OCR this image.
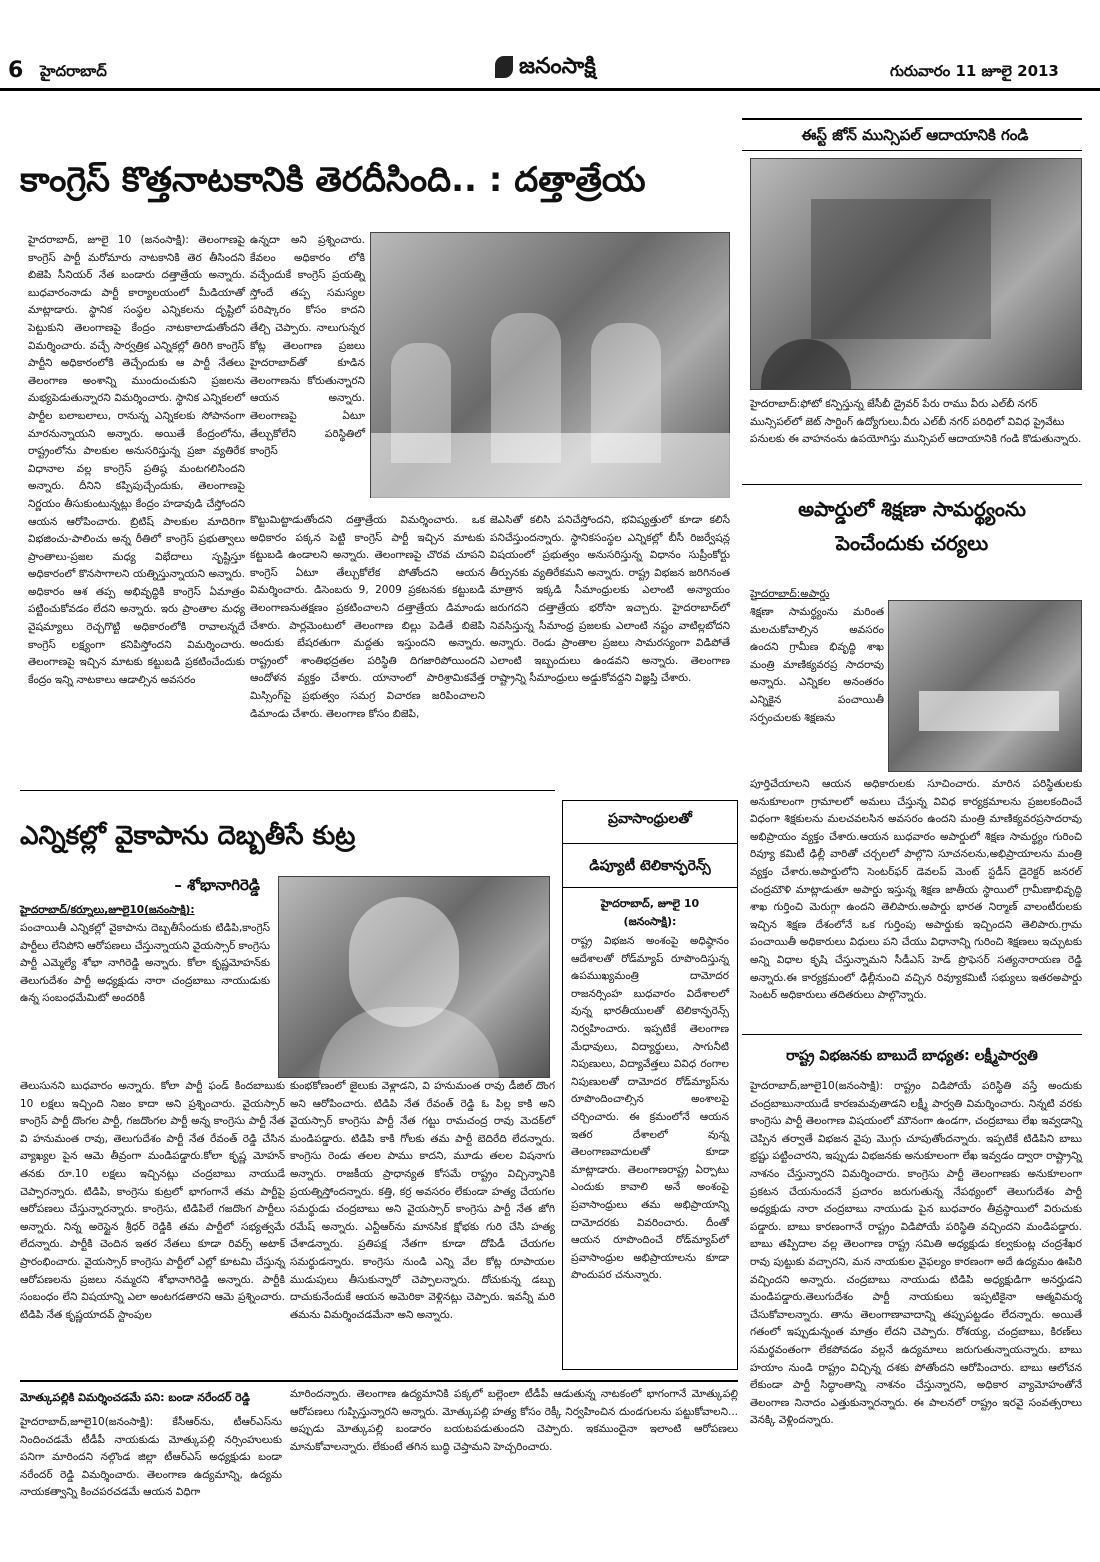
6 హైదరాబాద్	జనంసాక్షి	గురువారం 11 జూలై 2013
కాంగ్రెస్ కొత్తనాటకానికి తెరదీసింది.. : దత్తాత్రేయ
హైదరాబాద్, జూలై 10 (జనంసాక్షి): తెలంగాణపై కాంగ్రెస్ పార్టీ మరోమారు నాటకానికి తెర తీసిందని బిజెపి సీనియర్ నేత బండారు దత్తాత్రేయ అన్నారు. బుధవారంనాడు పార్టీ కార్యాలయంలో మీడియాతో మాట్లాడారు. స్థానిక సంస్థల ఎన్నికలను దృష్టిలో పెట్టుకుని తెలంగాణపై కేంద్రం నాటకాలాడుతోందని విమర్శించారు. వచ్చే సార్వత్రిక ఎన్నికల్లో తిరిగి కాంగ్రెస్ పార్టీని అధికారంలోకి తెచ్చేందుకు ఆ పార్టీ నేతలు తెలంగాణ అంశాన్ని ముందుంచుకుని ప్రజలను మభ్యపెడుతున్నారని విమర్శించారు. స్థానిక ఎన్నికలలో పార్టీల బలాబలాలు, రానున్న ఎన్నికలకు సోపానంగా మారనున్నాయని అన్నారు. అయితే కేంద్రంలోను, రాష్ట్రంలోను పాలకుల అనుసరిస్తున్న ప్రజా వ్యతిరేక విధానాల వల్ల కాంగ్రెస్ ప్రతిష్ఠ మంటగలిసిందని అన్నారు. దీనిని కప్పిపుచ్చేందుకు, తెలంగాణపై నిర్ణయం తీసుకుంటున్నట్లు కేంద్రం హడావుడి చేస్తోందని ఆయన ఆరోపించారు. బ్రిటిష్ పాలకుల మాదిరిగా విభజించు-పాలించు అన్న రీతిలో కాంగ్రెస్ ప్రభుత్వాలు ప్రాంతాలు-ప్రజల మధ్య విభేదాలు సృష్టిస్తూ అధికారంలో కొనసాగాలని యత్నిస్తున్నాయని అన్నారు. అధికారం ఆశ తప్ప అభివృద్ధికి కాంగ్రెస్ ఏమాత్రం పట్టించుకోవడం లేదని అన్నారు. ఇరు ప్రాంతాల మధ్య వైషమ్యాలు రెచ్చగొట్టి అధికారంలోకి రావాలన్నదే కాంగ్రెస్ లక్ష్యంగా కనిపిస్తోందని విమర్శించారు. తెలంగాణపై ఇచ్చిన మాటకు కట్టుబడి ప్రకటించేందుకు కేంద్రం ఇన్ని నాటకాలు ఆడాల్సిన అవసరం
ఉన్నదా అని ప్రశ్నించారు. కేవలం అధికారం లోకి వచ్చేందుకే కాంగ్రెస్ ప్రయత్ని స్తోందే తప్ప సమస్యల పరిష్కారం కోసం కాదని తేల్చి చెప్పారు. నాలుగున్నర కోట్ల తెలంగాణ ప్రజలు హైదరాబాద్‌తో కూడిన తెలంగాణను కోరుతున్నారని ఆయన అన్నారు. తెలంగాణపై ఏటూ తేల్చుకోలేని పరిస్థితిలో కాంగ్రెస్
కొట్టుమిట్టాడుతోందని దత్తాత్రేయ విమర్శించారు. ఒక అధికారం పక్కన పెట్టి కాంగ్రెస్ పార్టీ ఇచ్చిన మాటకు కట్టుబడి ఉండాలని అన్నారు. తెలంగాణపై చొరవ చూపని కాంగ్రెస్ ఏటూ తేల్చుకోలేక పోతోందని ఆయన విమర్శించారు. డిసెంబరు 9, 2009 ప్రకటనకు కట్టుబడి తెలంగాణనుతక్షణం ప్రకటించాలని దత్తాత్రేయ డిమాండు చేశారు. పార్లమెంటులో తెలంగాణ బిల్లు పెడితే బిజెపి అందుకు బేషరతుగా మద్దతు ఇస్తుందని అన్నారు. రాష్ట్రంలో శాంతిభద్రతల పరిస్థితి దిగజారిపోయిందని ఆందోళన వ్యక్తం చేశారు. యానాంలో పారిశ్రామికవేత్త మిస్సింగ్‌పై ప్రభుత్వం సమగ్ర విచారణ జరిపించాలని డిమాండు చేశారు. తెలంగాణ కోసం బిజెపి,
జెఎసితో కలిసి పనిచేస్తోందని, భవిష్యత్తులో కూడా కలిసే పనిచేస్తుందన్నారు. స్థానికసంస్థల ఎన్నికల్లో బీసీ రిజర్వేషన్ల విషయంలో ప్రభుత్వం అనుసరిస్తున్న విధానం సుప్రీంకోర్టు తీర్పునకు వ్యతిరేకమని అన్నారు. రాష్ట్ర విభజన జరిగినంత మాత్రాన ఇక్కడి సీమాంధ్రులకు ఎలాంటి అన్యాయం జరుగదని దత్తాత్రేయ భరోసా ఇచ్చారు. హైదరాబాద్‌లో నివసిస్తున్న సీమాంధ్ర ప్రజలకు ఎలాంటి నష్టం వాటిల్లబోదని అన్నారు. రెండు ప్రాంతాల ప్రజలు సామరస్యంగా విడిపోతే ఎలాంటి ఇబ్బందులు ఉండవని అన్నారు. తెలంగాణ రాష్ట్రాన్ని సీమాంధ్రులు అడ్డుకోవద్దని విజ్ఞప్తి చేశారు.
ఈస్ట్ జోన్ మున్సిపల్ ఆదాయానికి గండి
హైదరాబాద్:ఫోటో కన్పిస్తున్న జేసీబీ డ్రైవర్ పేరు రాము వీరు ఎల్‌బీ నగర్ మున్సిపల్‌లో జెట్ సార్టింగ్ ఉద్యోగులు.వీరు ఎల్‌బీ నగర్ పరిధిలో వివిధ ప్రైవేటు పనులకు ఈ వాహనంను ఉపయోగిస్తు మున్సిపల్ ఆదాయానికి గండి కొడుతున్నారు.
అపార్డులో శిక్షణా సామర్థ్యంను
పెంచేందుకు చర్యలు
హైదరాబాద్:అపార్డు
శిక్షణా సామర్థ్యంను మరింత మలచుకోవాల్సిన అవసరం ఉందని గ్రామీణ భివృద్ధి శాఖ మంత్రి మాణిక్యవరప్ర సాదరావు అన్నారు. ఎన్నికల అనంతరం ఎన్నికైన పంచాయితీ సర్పంచులకు శిక్షణను
పూర్తిచేయాలని ఆయన అధికారులకు సూచించారు. మారిన పరిస్థితులకు అనుకూలంగా గ్రామాలలో అమలు చేస్తున్న వివిధ కార్యక్రమాలను ప్రజలకందించే విధంగా శిక్షకులను మలచవలసిన అవసరం ఉందని మంత్రి మాణిక్యవరప్రసాదరావు అభిప్రాయం వ్యక్తం చేశారు.ఆయన బుధవారం అపార్డులో శిక్షణ సామర్థ్యం గురించి రివ్యూ కమిటీ ఢిల్లీ వారితో చర్చలలో పాల్గొని సూచనలను,అభిప్రాయాలను మంత్రి వ్యక్తం చేశారు.అపార్డులోని సెంటర్‌ఫర్ డెవలప్ మెంట్ స్టడీస్ డైరెక్టర్ జనరల్ చంద్రమౌళి మాట్లాడుతూ అపార్డు ఇస్తున్న శిక్షణ జాతీయ స్థాయిలో గ్రామీణాభివృద్ధి శాఖ గుర్తించి మెరుగ్గా ఉందని తెలిపారు.అపార్డు భారత నిర్మాణ్ వాలంటీరులకు ఇచ్చిన శిక్షణ దేశంలోనే ఒక గుర్తింపు అపార్డుకు ఇచ్చిందని తెలిపారు.గ్రామ పంచాయితీ అధికారులు విధులు పని చేయు విధానాన్ని గురించి శిక్షణలు ఇచ్చుటకు అన్ని విధాల కృషి చేస్తున్నామని సీడీఎస్ హెడ్ ప్రొఫెసర్ సత్యనారాయణ రెడ్డి అన్నారు.ఈ కార్యక్రమంలో ఢిల్లీనుంచి వచ్చిన రివ్యూకమిటీ సభ్యులు ఇతరఅపార్డు సెంటర్ అధికారులు తదితరులు పాల్గొన్నారు.
ఎన్నికల్లో వైకాపాను దెబ్బతీసే కుట్ర
– శోభానాగిరెడ్డి
హైదరాబాద్/కర్నూలు,జూలై10(జనంసాక్షి):
పంచాయితీ ఎన్నికల్లో వైకాపాను దెబ్బతీసేందుకు టిడిపి,కాంగ్రెస్ పార్టీలు లేనిపోని ఆరోపణలు చేస్తున్నాయని వైయస్సార్ కాంగ్రెసు పార్టీ ఎమ్మెల్యే శోభా నాగిరెడ్డి అన్నారు. కోలా కృష్ణమోహన్‌కు తెలుగుదేశం పార్టీ అధ్యక్షుడు నారా చంద్రబాబు నాయుడుకు ఉన్న సంబంధమేమిటో అందరికీ
తెలుసునని బుధవారం అన్నారు. కోలా పార్టీ ఫండ్ కిందబాబుకు 10 లక్షలు ఇచ్చింది నిజం కాదా అని ప్రశ్నించారు. వైయస్సార్ కాంగ్రెస్ పార్టీ దొంగల పార్టీ, గజదొంగల పార్టీ అన్న కాంగ్రెసు పార్టీ నేత వి హనుమంత రావు, తెలుగుదేశం పార్టీ నేత రేవంత్ రెడ్డి చేసిన వ్యాఖ్యల పైన ఆమె తీవ్రంగా మండిపడ్డారు.కోలా కృష్ణ మోహన్ తనకు రూ.10 లక్షలు ఇచ్చినట్లు చంద్రబాబు నాయుడే చెప్పారన్నారు. టిడిపి, కాంగ్రెసు కుట్రలో భాగంగానే తమ పార్టీపై ఆరోపణలు చేస్తున్నారన్నారు. కాంగ్రెసు, టిడిపిలే గజదొంగ పార్టీలు అన్నారు. నిన్న అరెస్టైన శ్రీధర్ రెడ్డికి తమ పార్టీలో సభ్యత్వమే లేదన్నారు. పార్టీకి చెందిన ఇతర నేతలు కూడా రివర్స్ అటాక్ ప్రారంభించారు. వైయస్సార్ కాంగ్రెసు పార్టీలో ఎల్లో కూటమి చేస్తున్న ఆరోపణలను ప్రజలు నమ్మరని శోభానాగిరెడ్డి అన్నారు. పార్టీకి సంబంధం లేని విషయాన్ని ఎలా అంటగడతారని ఆమె ప్రశ్నించారు. టిడిపి నేత కృష్ణయాదవ్ స్టాంపుల
కుంభకోణంలో జైలుకు వెళ్లాడని, వి హనుమంత రావు డీజిల్ దొంగ అని ఆరోపించారు. టిడిపి నేత రేవంత్ రెడ్డి ఓ పిల్ల కాకి అని వైయస్సార్ కాంగ్రెసు పార్టీ నేత గట్టు రామచంద్ర రావు మెదక్‌లో మండిపడ్డారు. టిడిపి కాకి గోలకు తమ పార్టీ బెదిరేది లేదన్నారు. కాంగ్రెసు రెండు తలల పాము కాదని, మూడు తలల విషనాగు అన్నారు. రాజకీయ ప్రాధాన్యత కోసమే రాష్ట్రం విచ్చిన్నానికి ప్రయత్నిస్తోందన్నారు. కత్తి, కర్ర అవసరం లేకుండా హత్య చేయగల సమర్థుడు చంద్రబాబు అని వైయస్సార్ కాంగ్రెసు పార్టీ నేత జోగి రమేష్ అన్నారు. ఎన్టీఆర్‌ను మానసిక క్షోభకు గురి చేసి హత్య చేశాడన్నారు. ప్రతిపక్ష నేతగా కూడా దోపిడీ చేయగల సమర్థుడన్నారు. కాంగ్రెసు నుండి ఎన్ని వేల కోట్ల రూపాయల ముడుపులు తీసుకున్నారో చెప్పాలన్నారు. దోచుకున్న డబ్బు దాచుకునేందుకే ఆయన అమెరికా వెళ్లినట్లు చెప్పారు. ఇవన్నీ మరి తమను విమర్శించడమేనా అని అన్నారు.
ప్రవాసాంధ్రులతో
డిప్యూటీ టెలికాన్ఫరెన్స్
హైదరాబాద్, జూలై 10
(జనంసాక్షి):
రాష్ట్ర విభజన అంశంపై అధిష్ఠానం ఆదేశాలతో రోడ్‌మ్యాప్ రూపొందిస్తున్న ఉపముఖ్యమంత్రి దామోదర రాజనర్సింహ బుధవారం విదేశాలలో వున్న భారతీయులతో టెలికాన్ఫరెన్స్ నిర్వహించారు. ఇప్పటికే తెలంగాణ మేధావులు, విద్యార్థులు, సాగునీటి నిపుణులు, విద్యావేత్తలు వివిధ రంగాల నిపుణులతో దామోదర రోడ్‌మ్యాప్‌ను రూపొందించాల్సిన అంశాలపై చర్చించారు. ఈ క్రమంలోనే ఆయన ఇతర దేశాలలో వున్న తెలంగాణవాదులతో కూడా మాట్లాడారు. తెలంగాణరాష్ట్ర ఏర్పాటు ఎందుకు కావాలి అనే అంశంపై ప్రవాసాంధ్రులు తమ అభిప్రాయాన్ని దామోదరకు వివరించారు. దీంతో ఆయన రూపొందించే రోడ్‌మ్యాప్‌లో ప్రవాసాంధ్రుల అభిప్రాయాలను కూడా పొందుపర చనున్నారు.
రాష్ట్ర విభజనకు బాబుదే బాధ్యత: లక్ష్మీపార్వతి
హైదరాబాద్,జూలై10(జనంసాక్షి): రాష్ట్రం విడిపోయే పరిస్థితి వస్తే అందుకు చంద్రబాబునాయుడే కారణమవుతాడని లక్ష్మీ పార్వతి విమర్శించారు. నిన్నటి వరకు కాంగ్రెసు పార్టీ తెలంగాణ విషయంలో మౌనంగా ఉండగా, చంద్రబాబు లేఖ ఇవ్వడాన్ని చెప్పిన తర్వాతే విభజన వైపు మొగ్గు చూపుతోందన్నారు. ఇప్పటికే టిడిపిని బాబు భ్రష్టు పట్టించారని, ఇప్పుడు విభజనకు అనుకూలంగా లేఖ ఇవ్వడం ద్వారా రాష్ట్రాన్ని నాశనం చేస్తున్నారని విమర్శించారు. కాంగ్రెసు పార్టీ తెలంగాణకు అనుకూలంగా ప్రకటన చేయనుందనే ప్రచారం జరుగుతున్న నేపథ్యంలో తెలుగుదేశం పార్టీ అధ్యక్షుడు నారా చంద్రబాబు నాయుడు పైన బుధవారం తీవ్రస్థాయిలో విరుచుకు పడ్డారు. బాబు కారణంగానే రాష్ట్రం విడిపోయే పరిస్థితి వచ్చిందని మండిపడ్డారు. బాబు తప్పిదాల వల్ల తెలంగాణ రాష్ట్ర సమితి అధ్యక్షుడు కల్వకుంట్ల చంద్రశేఖర రావు పుట్టుకు వచ్చారని, మన నాయకుల వైఫల్యం కారణంగా అదే ఉద్యమం ఊపిరి వచ్చిందని అన్నారు. చంద్రబాబు నాయుడు టిడిపి అధ్యక్షుడిగా అనర్హుడని మండిపడ్డారు.తెలుగుదేశం పార్టీ నాయకులు ఇప్పటికైనా ఆత్మవిమర్శ చేసుకోవాలన్నారు. తాను తెలంగాణావాదాన్ని తప్పుపట్టడం లేదన్నారు. అయితే గతంలో ఇప్పుడున్నంత మాత్రం లేదని చెప్పారు. రోశయ్య, చంద్రబాబు, కిరణ్‌లు సమర్థవంతంగా లేకపోవడం వల్లనే ఉద్యమాలు జరుగుతున్నాయన్నారు. బాబు హయాం నుండి రాష్ట్రం విచ్చిన్న దశకు పోతోందని ఆరోపించారు. బాబు ఆలోచన లేకుండా పార్టీ సిద్ధాంతాన్ని నాశనం చేస్తున్నారని, అధికార వ్యామోహంతోనే తెలంగాణ నినాదం ఎత్తుకున్నారన్నారు. ఈ పాలనలో రాష్ట్రం ఇరవై సంవత్సరాలు వెనక్కి వెళ్లిందన్నారు.
మోత్కుపల్లికి విమర్శించడమే పని: బండా నరేందర్ రెడ్డి
హైదరాబాద్,జూలై10(జనంసాక్షి): కేసీఆర్‌ను, టీఆర్ఎస్‌ను నిందించడమే టీడీపీ నాయకుడు మోత్కుపల్లి నర్సింహులుకు పనిగా మారిందని నల్గొండ జిల్లా టీఆర్ఎస్ అధ్యక్షుడు బండా నరేందర్ రెడ్డి విమర్శించారు. తెలంగాణ ఉద్యమాన్ని, ఉద్యమ నాయకత్వాన్ని కించపరచడమే ఆయన విధిగా
మారిందన్నారు. తెలంగాణ ఉద్యమానికి పక్కలో బల్లెంలా టీడీపీ ఆడుతున్న నాటకంలో భాగంగానే మోత్కుపల్లి ఆరోపణలు గుప్పిస్తున్నారని అన్నారు. మోత్కుపల్లి హత్య కోసం రెక్కీ నిర్వహించిన దుండగులను పట్టుకోవాలని... అప్పుడు మోత్కుపల్లి బండారం బయటపడుతుందని చెప్పారు. ఇకముందైనా ఇలాంటి ఆరోపణలు మానుకోవాలన్నారు. లేకుంటే తగిన బుద్ధి చెప్తామని హెచ్చరించారు.
